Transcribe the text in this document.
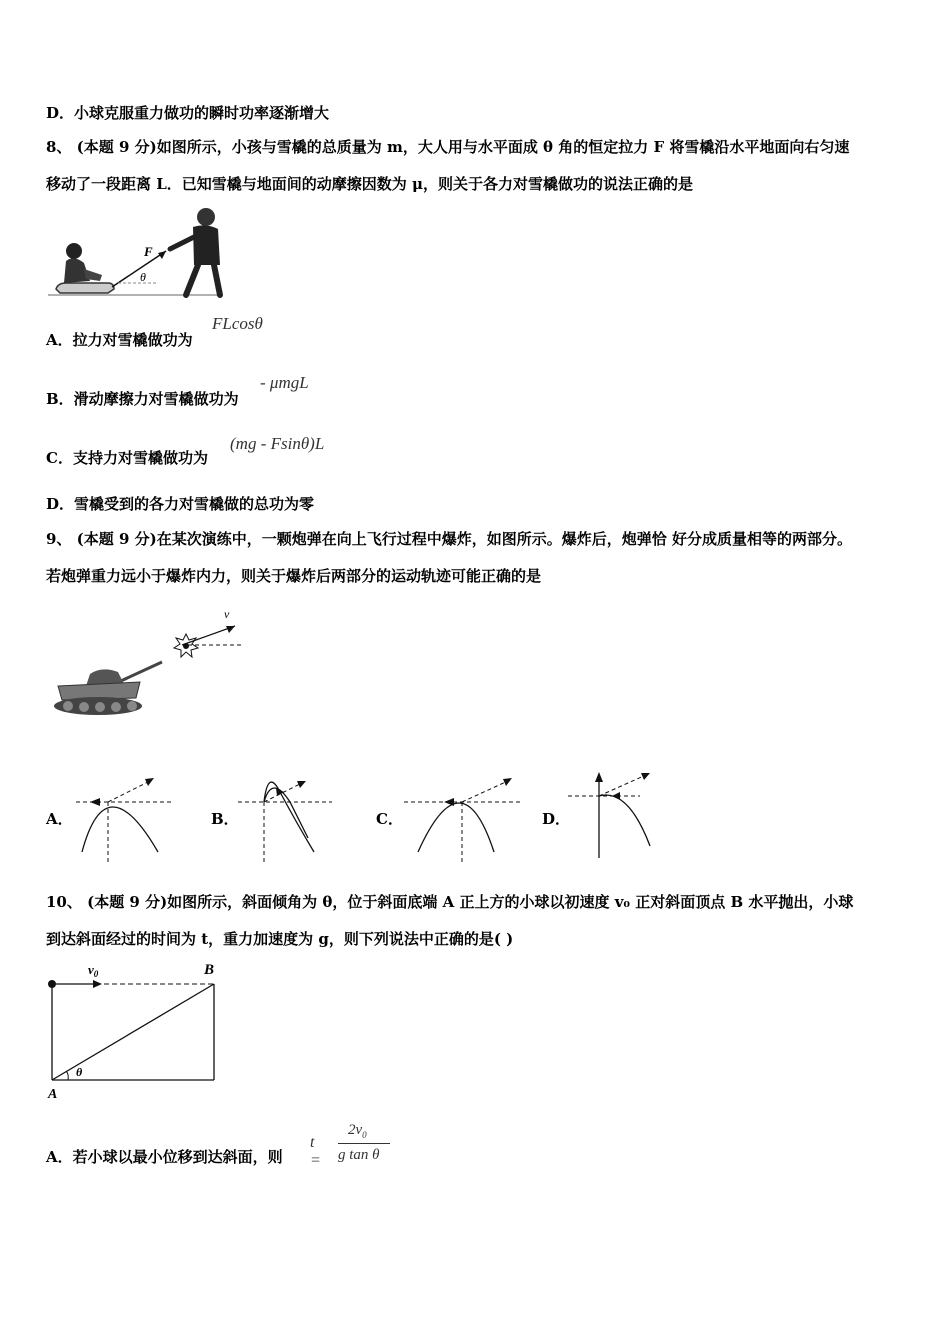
D．小球克服重力做功的瞬时功率逐渐增大
8、 (本题 9 分)如图所示，小孩与雪橇的总质量为 m，大人用与水平面成 θ 角的恒定拉力 F 将雪橇沿水平地面向右匀速
移动了一段距离 L．已知雪橇与地面间的动摩擦因数为 μ，则关于各力对雪橇做功的说法正确的是
F
θ
A．拉力对雪橇做功为
FLcosθ
B．滑动摩擦力对雪橇做功为
- μmgL
C．支持力对雪橇做功为
(mg - Fsinθ)L
D．雪橇受到的各力对雪橇做的总功为零
9、 (本题 9 分)在某次演练中，一颗炮弹在向上飞行过程中爆炸，如图所示。爆炸后，炮弹恰 好分成质量相等的两部分。
若炮弹重力远小于爆炸内力，则关于爆炸后两部分的运动轨迹可能正确的是
v
A．	B．	C．	D．
10、 (本题 9 分)如图所示，斜面倾角为 θ，位于斜面底端 A 正上方的小球以初速度 v₀ 正对斜面顶点 B 水平抛出，小球
到达斜面经过的时间为 t，重力加速度为 g，则下列说法中正确的是( )
$v_0$	B
θ
A
A．若小球以最小位移到达斜面，则
t =
$2v_0$
g tan θ
